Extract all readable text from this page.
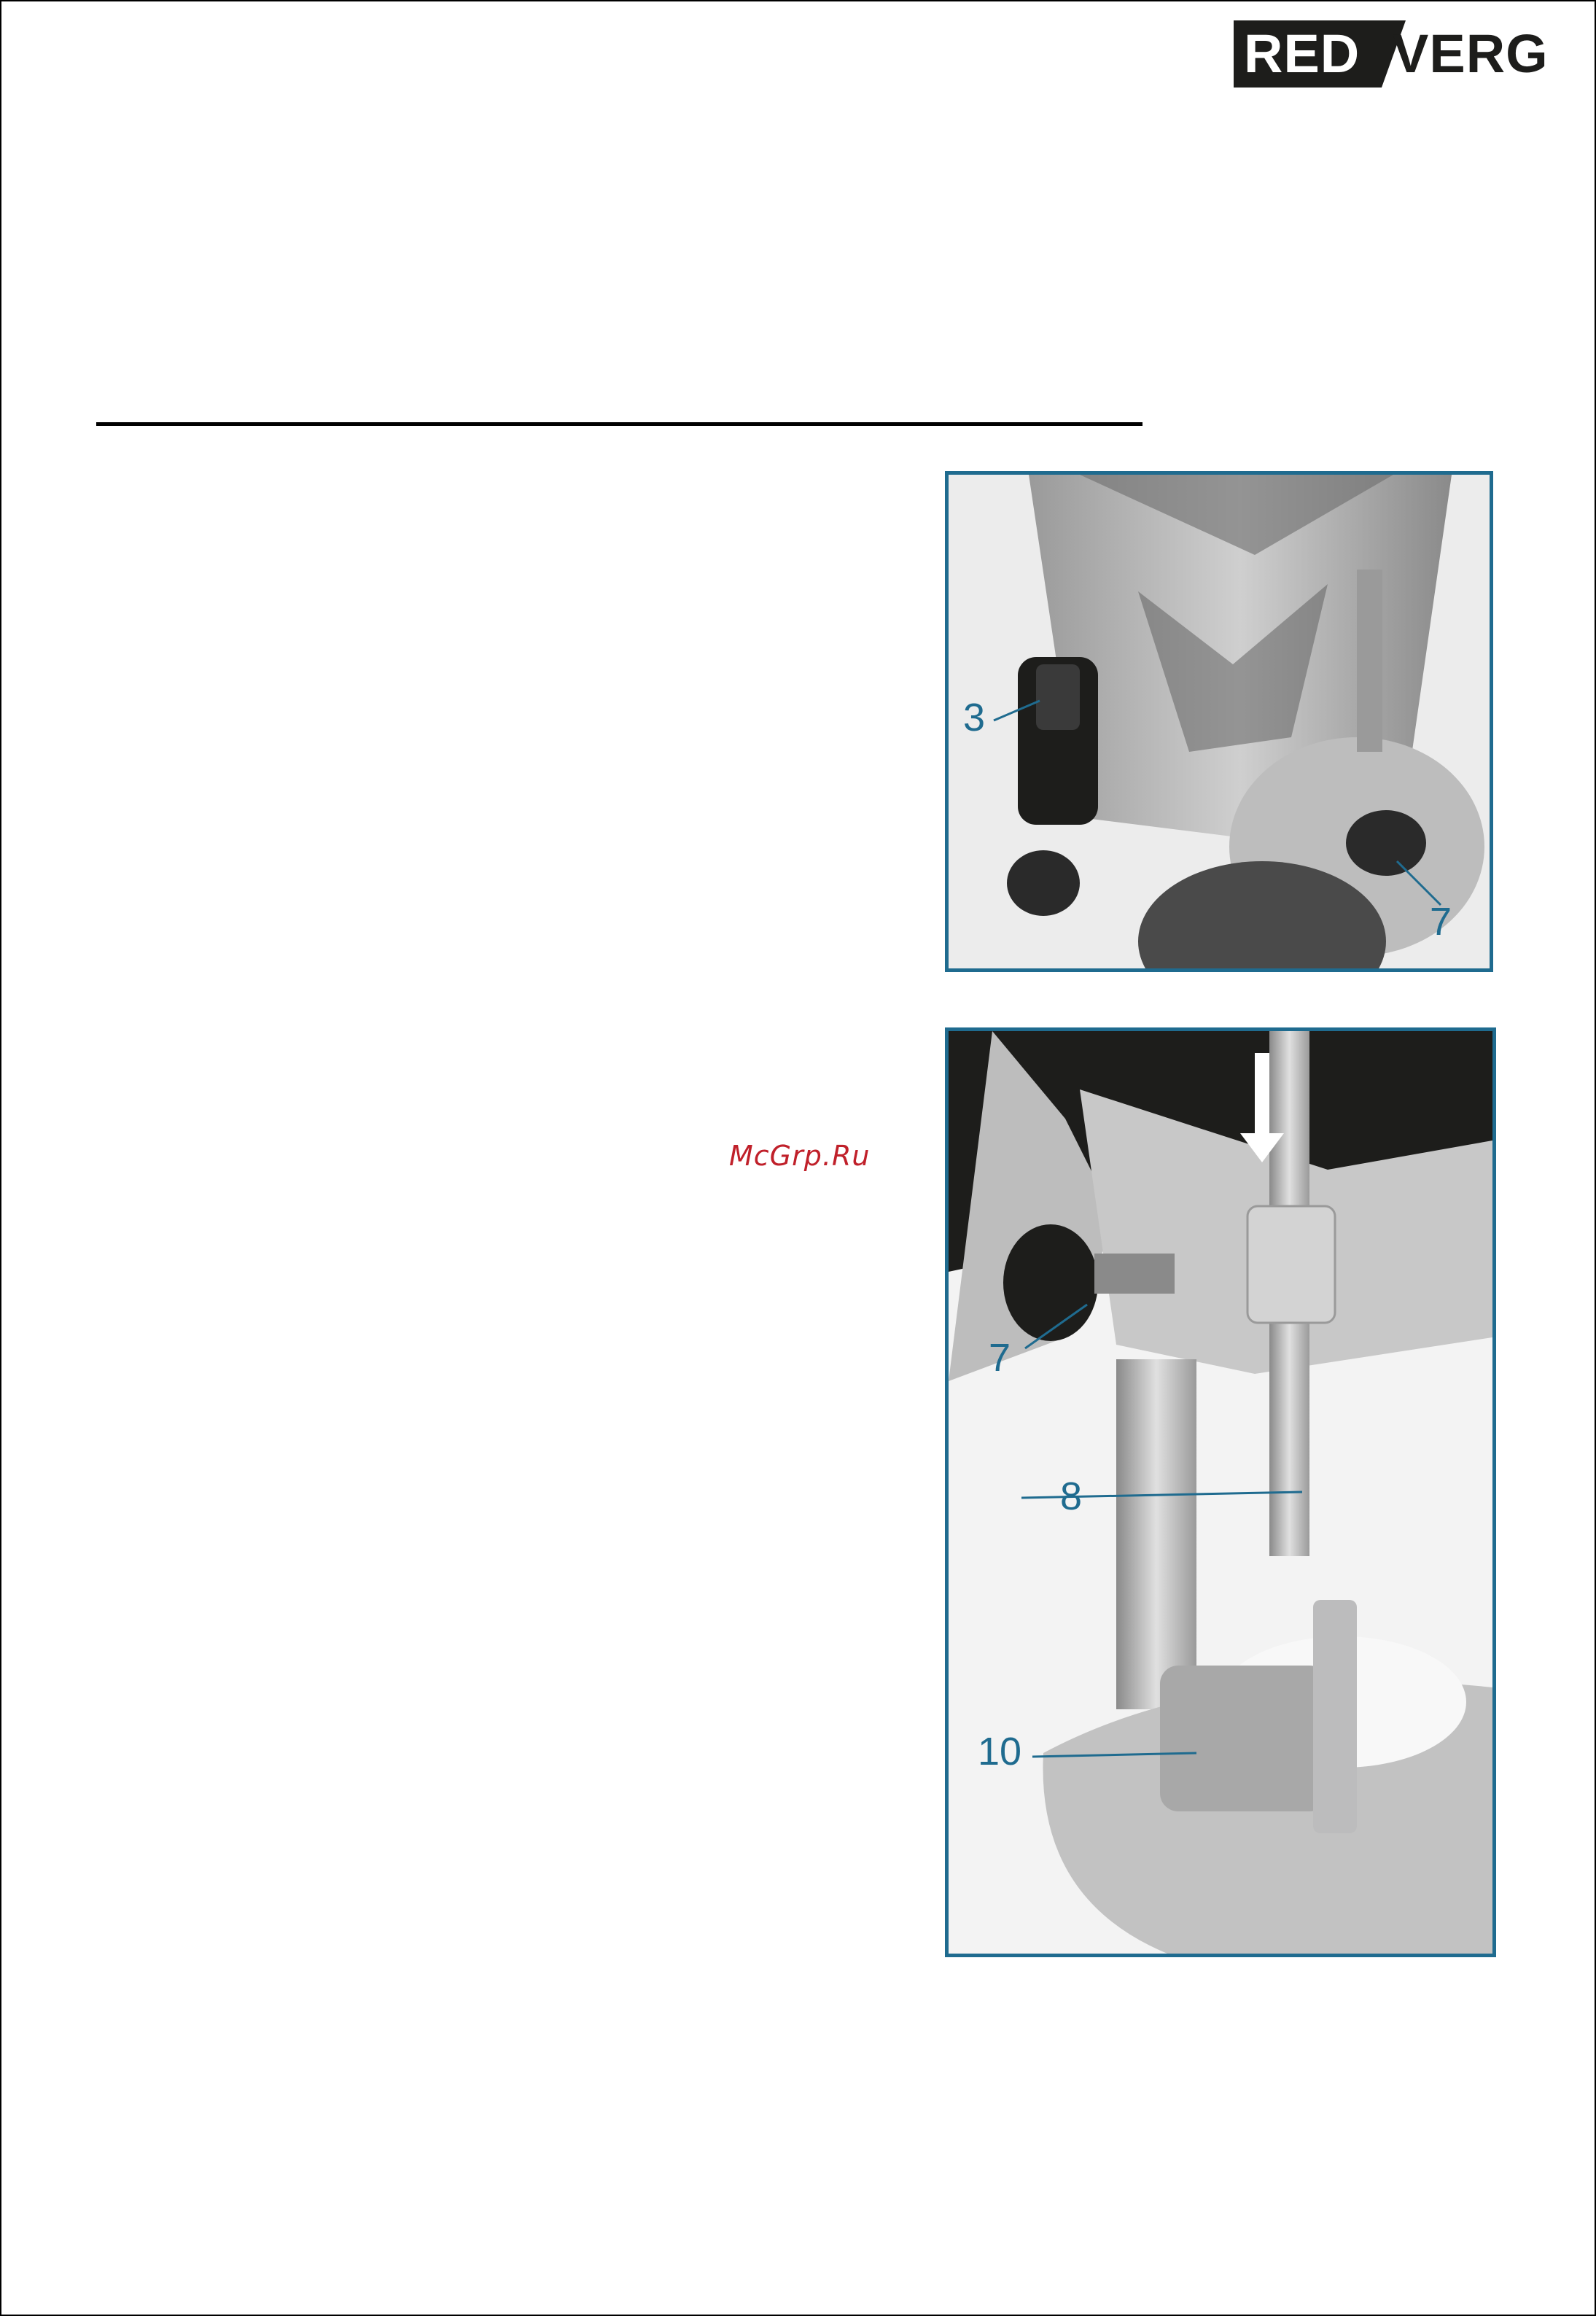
RED VERG
3
7
7
8
10
McGrp.Ru
